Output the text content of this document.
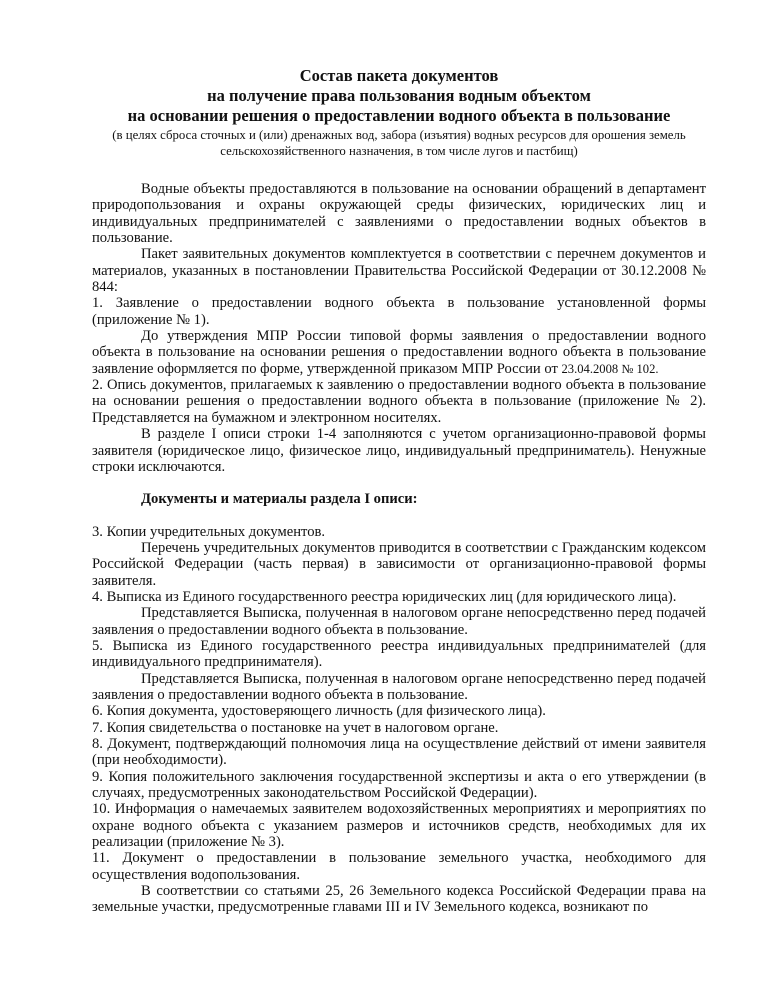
Состав пакета документов
на получение права пользования водным объектом
на основании решения о предоставлении водного объекта в пользование
(в целях сброса сточных и (или) дренажных вод, забора (изъятия) водных ресурсов для орошения земель сельскохозяйственного назначения, в том числе лугов и пастбищ)

Водные объекты предоставляются в пользование на основании обращений в департамент природопользования и охраны окружающей среды физических, юридических лиц и индивидуальных предпринимателей с заявлениями о предоставлении водных объектов в пользование.

Пакет заявительных документов комплектуется в соответствии с перечнем документов и материалов, указанных в постановлении Правительства Российской Федерации от 30.12.2008 № 844:

1. Заявление о предоставлении водного объекта в пользование установленной формы (приложение № 1).

До утверждения МПР России типовой формы заявления о предоставлении водного объекта в пользование на основании решения о предоставлении водного объекта в пользование заявление оформляется по форме, утвержденной приказом МПР России от 23.04.2008 № 102.

2. Опись документов, прилагаемых к заявлению о предоставлении водного объекта в пользование на основании решения о предоставлении водного объекта в пользование (приложение № 2). Представляется на бумажном и электронном носителях.

В разделе I описи строки 1-4 заполняются с учетом организационно-правовой формы заявителя (юридическое лицо, физическое лицо, индивидуальный предприниматель). Ненужные строки исключаются.

Документы и материалы раздела I описи:

3. Копии учредительных документов.

Перечень учредительных документов приводится в соответствии с Гражданским кодексом Российской Федерации (часть первая) в зависимости от организационно-правовой формы заявителя.

4. Выписка из Единого государственного реестра юридических лиц (для юридического лица).

Представляется Выписка, полученная в налоговом органе непосредственно перед подачей заявления о предоставлении водного объекта в пользование.

5. Выписка из Единого государственного реестра индивидуальных предпринимателей (для индивидуального предпринимателя).

Представляется Выписка, полученная в налоговом органе непосредственно перед подачей заявления о предоставлении водного объекта в пользование.

6. Копия документа, удостоверяющего личность (для физического лица).

7. Копия свидетельства о постановке на учет в налоговом органе.

8. Документ, подтверждающий полномочия лица на осуществление действий от имени заявителя (при необходимости).

9. Копия положительного заключения государственной экспертизы и акта о его утверждении (в случаях, предусмотренных законодательством Российской Федерации).

10. Информация о намечаемых заявителем водохозяйственных мероприятиях и мероприятиях по охране водного объекта с указанием размеров и источников средств, необходимых для их реализации (приложение № 3).

11. Документ о предоставлении в пользование земельного участка, необходимого для осуществления водопользования.

В соответствии со статьями 25, 26 Земельного кодекса Российской Федерации права на земельные участки, предусмотренные главами III и IV Земельного кодекса, возникают по
